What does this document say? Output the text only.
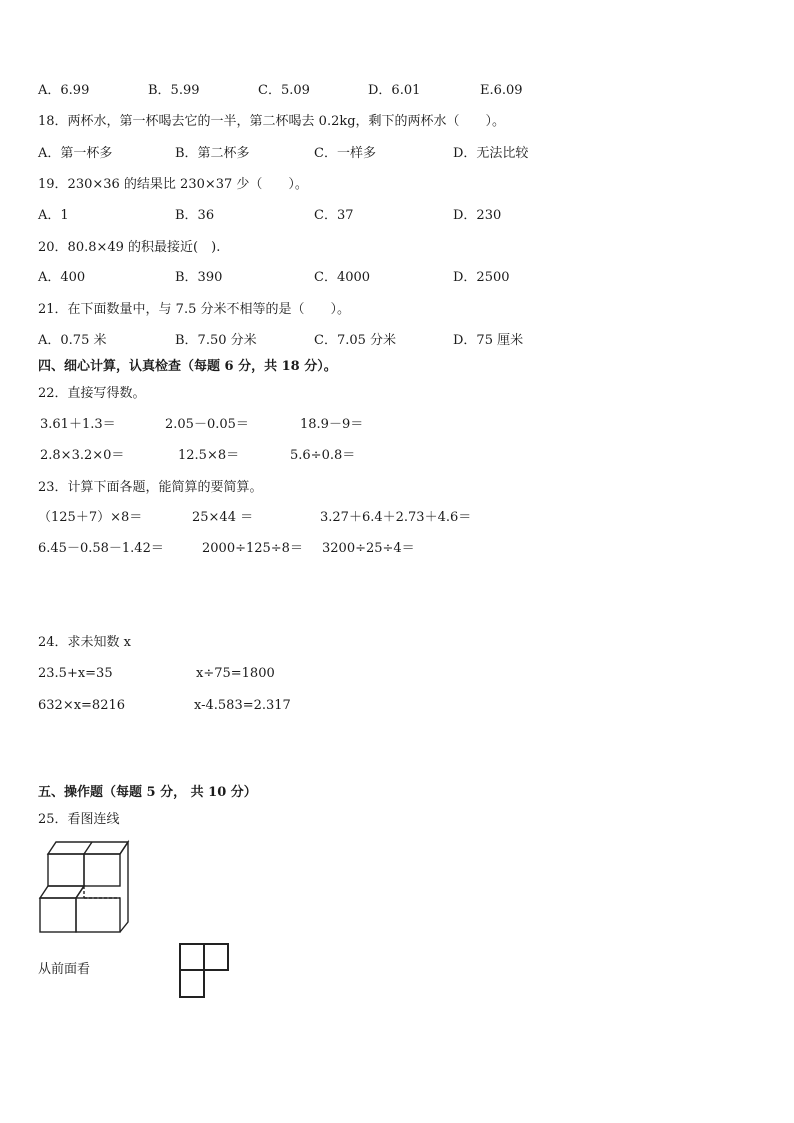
A．6.99	B．5.99	C．5.09	D．6.01	E.6.09
18．两杯水，第一杯喝去它的一半，第二杯喝去 0.2kg，剩下的两杯水（　　）。
A．第一杯多	B．第二杯多	C．一样多	D．无法比较
19．230×36 的结果比 230×37 少（　　）。
A．1	B．36	C．37	D．230
20．80.8×49 的积最接近(　).
A．400	B．390	C．4000	D．2500
21．在下面数量中，与 7.5 分米不相等的是（　　）。
A．0.75 米	B．7.50 分米	C．7.05 分米	D．75 厘米
四、细心计算，认真检查（每题 6 分，共 18 分）。
22．直接写得数。
3.61＋1.3＝	2.05－0.05＝	18.9－9＝
2.8×3.2×0＝	12.5×8＝	5.6÷0.8＝
23．计算下面各题，能简算的要简算。
（125＋7）×8＝	25×44 ＝	3.27＋6.4＋2.73＋4.6＝
6.45－0.58－1.42＝	2000÷125÷8＝ 3200÷25÷4＝
24．求未知数 x
23.5+x=35	x÷75=1800
632×x=8216	x-4.583=2.317
五、操作题（每题 5 分， 共 10 分）
25．看图连线
从前面看
